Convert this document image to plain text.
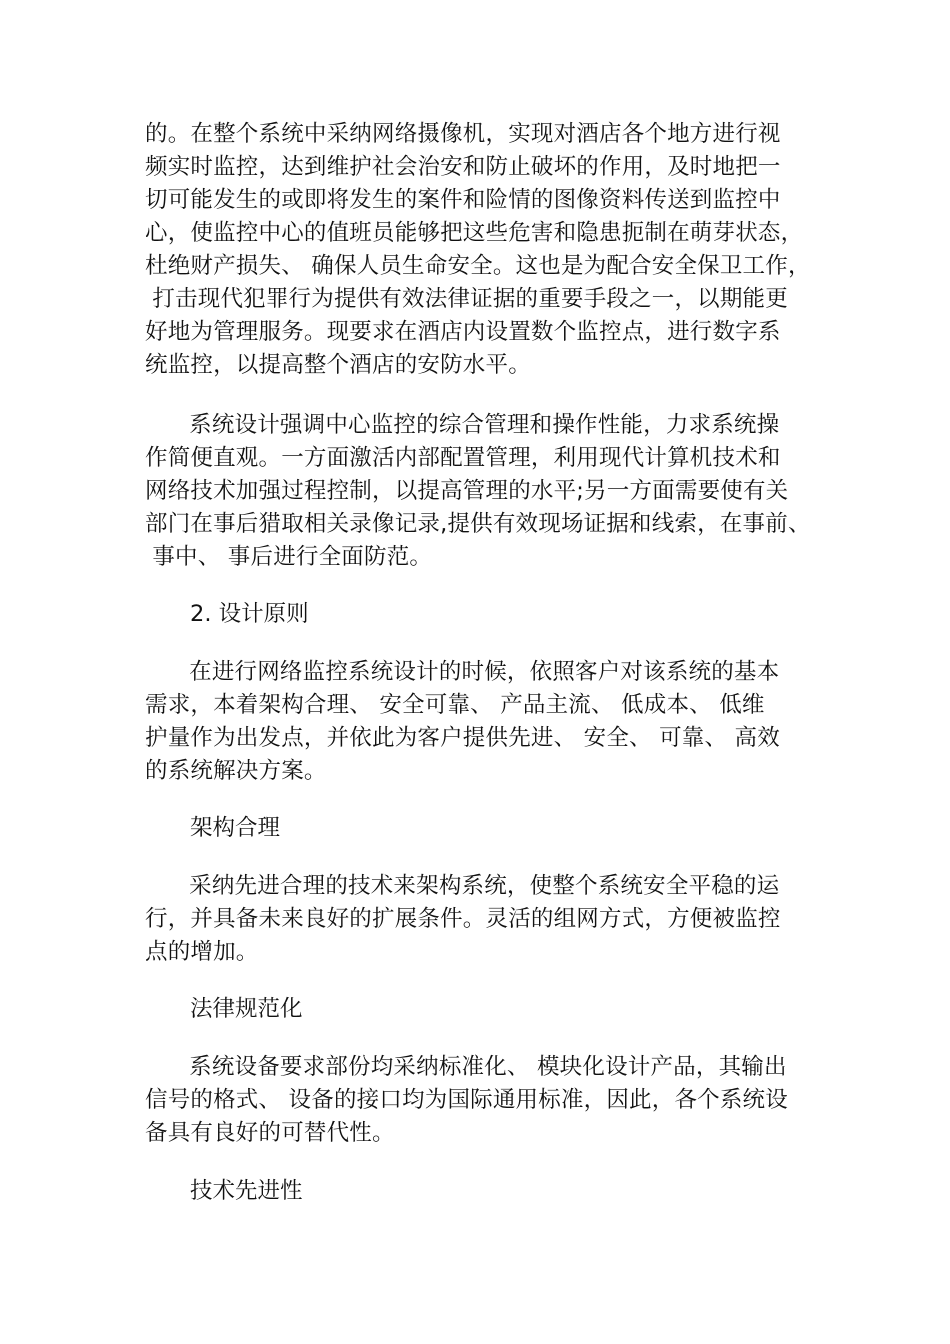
的。在整个系统中采纳网络摄像机，实现对酒店各个地方进行视
频实时监控，达到维护社会治安和防止破坏的作用，及时地把一
切可能发生的或即将发生的案件和险情的图像资料传送到监控中
心，使监控中心的值班员能够把这些危害和隐患扼制在萌芽状态，
杜绝财产损失、 确保人员生命安全。这也是为配合安全保卫工作，
打击现代犯罪行为提供有效法律证据的重要手段之一，以期能更
好地为管理服务。现要求在酒店内设置数个监控点，进行数字系
统监控，以提高整个酒店的安防水平。
系统设计强调中心监控的综合管理和操作性能，力求系统操
作简便直观。一方面激活内部配置管理，利用现代计算机技术和
网络技术加强过程控制，以提高管理的水平;另一方面需要使有关
部门在事后猎取相关录像记录,提供有效现场证据和线索，在事前、
事中、 事后进行全面防范。
2. 设计原则
在进行网络监控系统设计的时候，依照客户对该系统的基本
需求，本着架构合理、 安全可靠、 产品主流、 低成本、 低维
护量作为出发点，并依此为客户提供先进、 安全、 可靠、 高效
的系统解决方案。
架构合理
采纳先进合理的技术来架构系统，使整个系统安全平稳的运
行，并具备未来良好的扩展条件。灵活的组网方式，方便被监控
点的增加。
法律规范化
系统设备要求部份均采纳标准化、 模块化设计产品，其输出
信号的格式、 设备的接口均为国际通用标准，因此，各个系统设
备具有良好的可替代性。
技术先进性
